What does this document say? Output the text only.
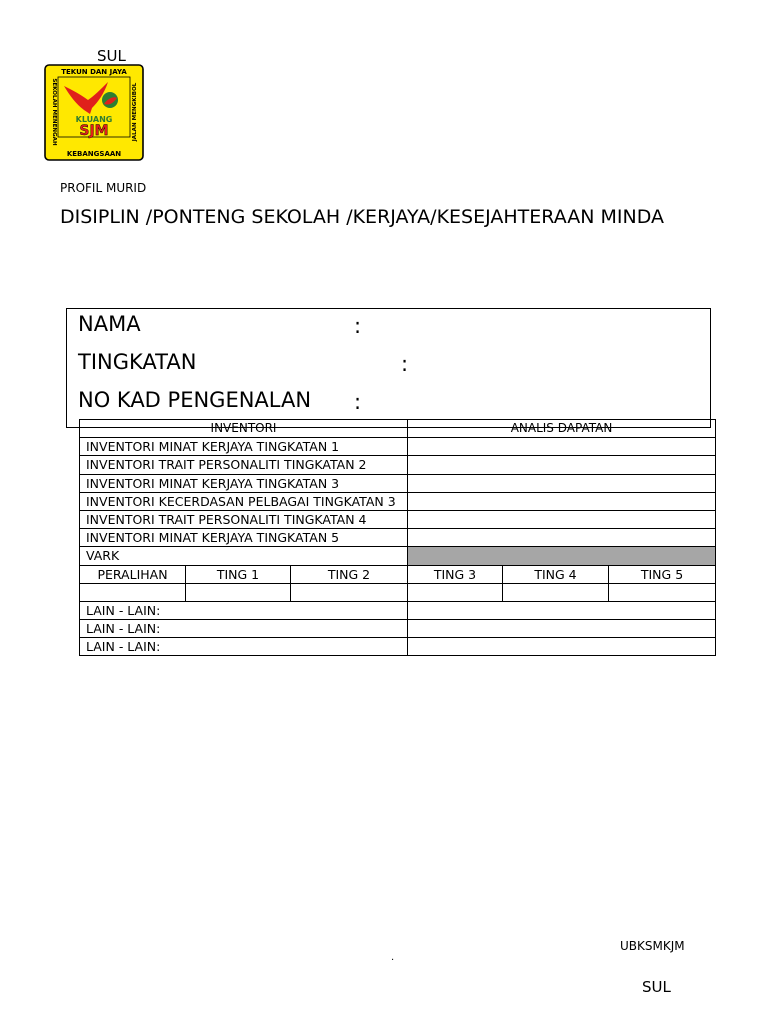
SUL
TEKUN DAN JAYA
KEBANGSAAN
SEKOLAH MENENGAH	JALAN MENGKIBOL
KLUANG
SJM
PROFIL MURID
DISIPLIN /PONTENG SEKOLAH /KERJAYA/KESEJAHTERAAN MINDA
NAMA	:
TINGKATAN	:
NO KAD PENGENALAN :
INVENTORI			ANALIS DAPATAN		
INVENTORI MINAT KERJAYA TINGKATAN 1					
INVENTORI TRAIT PERSONALITI TINGKATAN 2					
INVENTORI MINAT KERJAYA TINGKATAN 3					
INVENTORI KECERDASAN PELBAGAI TINGKATAN 3					
INVENTORI TRAIT PERSONALITI TINGKATAN 4					
INVENTORI MINAT KERJAYA TINGKATAN 5					
VARK					
PERALIHAN	TING 1	TING 2	TING 3	TING 4	TING 5

LAIN - LAIN:					
LAIN - LAIN:					
LAIN - LAIN:					
UBKSMKJM
.
SUL
